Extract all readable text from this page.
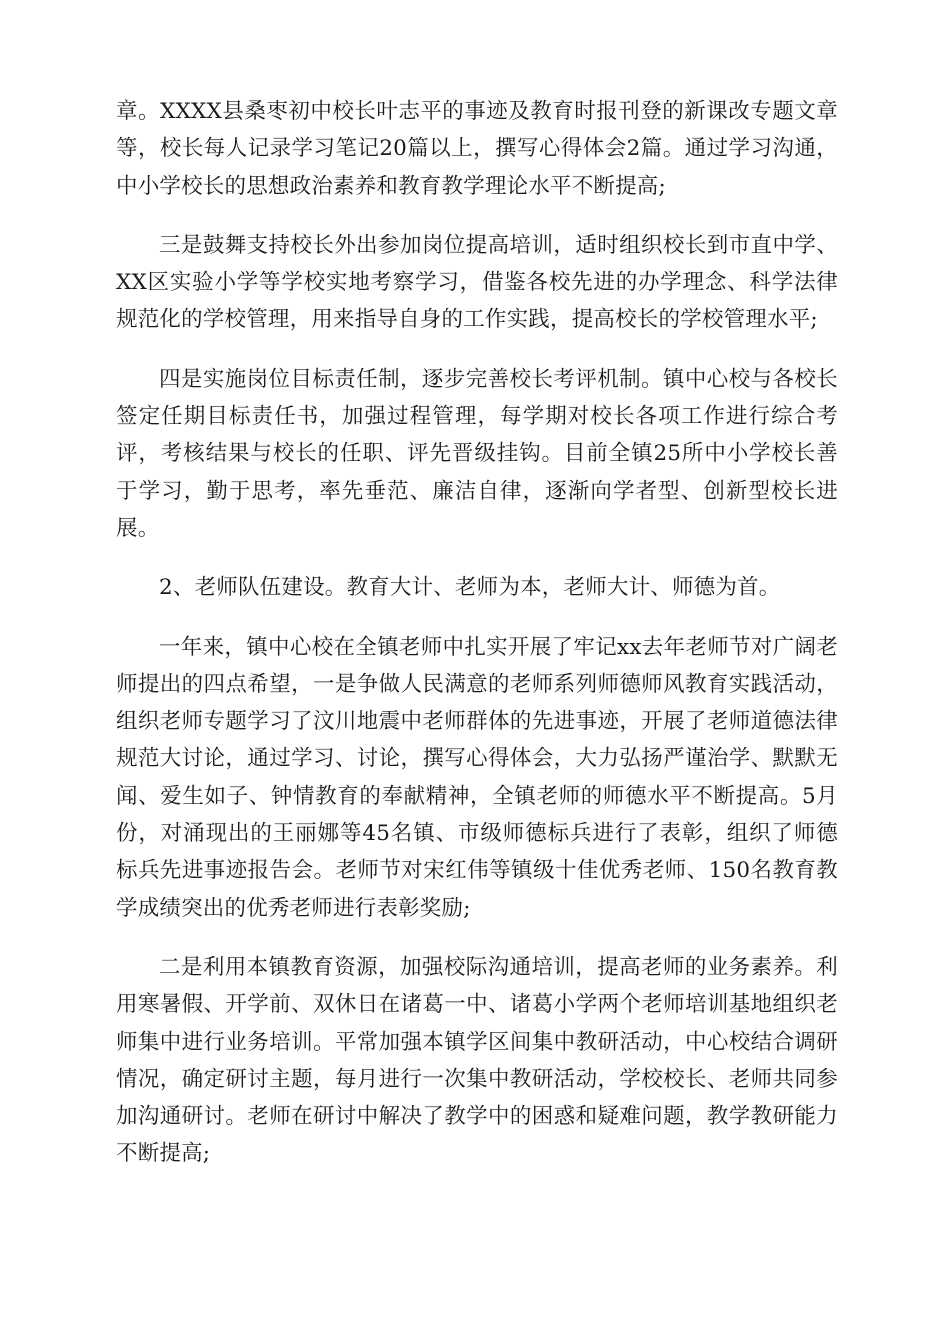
章。XXXX县桑枣初中校长叶志平的事迹及教育时报刊登的新课改专题文章等，校长每人记录学习笔记20篇以上，撰写心得体会2篇。通过学习沟通，中小学校长的思想政治素养和教育教学理论水平不断提高;

三是鼓舞支持校长外出参加岗位提高培训，适时组织校长到市直中学、XX区实验小学等学校实地考察学习，借鉴各校先进的办学理念、科学法律规范化的学校管理，用来指导自身的工作实践，提高校长的学校管理水平;

四是实施岗位目标责任制，逐步完善校长考评机制。镇中心校与各校长签定任期目标责任书，加强过程管理，每学期对校长各项工作进行综合考评，考核结果与校长的任职、评先晋级挂钩。目前全镇25所中小学校长善于学习，勤于思考，率先垂范、廉洁自律，逐渐向学者型、创新型校长进展。

2、老师队伍建设。教育大计、老师为本，老师大计、师德为首。

一年来，镇中心校在全镇老师中扎实开展了牢记xx去年老师节对广阔老师提出的四点希望，一是争做人民满意的老师系列师德师风教育实践活动，组织老师专题学习了汶川地震中老师群体的先进事迹，开展了老师道德法律规范大讨论，通过学习、讨论，撰写心得体会，大力弘扬严谨治学、默默无闻、爱生如子、钟情教育的奉献精神，全镇老师的师德水平不断提高。5月份，对涌现出的王丽娜等45名镇、市级师德标兵进行了表彰，组织了师德标兵先进事迹报告会。老师节对宋红伟等镇级十佳优秀老师、150名教育教学成绩突出的优秀老师进行表彰奖励;

二是利用本镇教育资源，加强校际沟通培训，提高老师的业务素养。利用寒暑假、开学前、双休日在诸葛一中、诸葛小学两个老师培训基地组织老师集中进行业务培训。平常加强本镇学区间集中教研活动，中心校结合调研情况，确定研讨主题，每月进行一次集中教研活动，学校校长、老师共同参加沟通研讨。老师在研讨中解决了教学中的困惑和疑难问题，教学教研能力不断提高;
